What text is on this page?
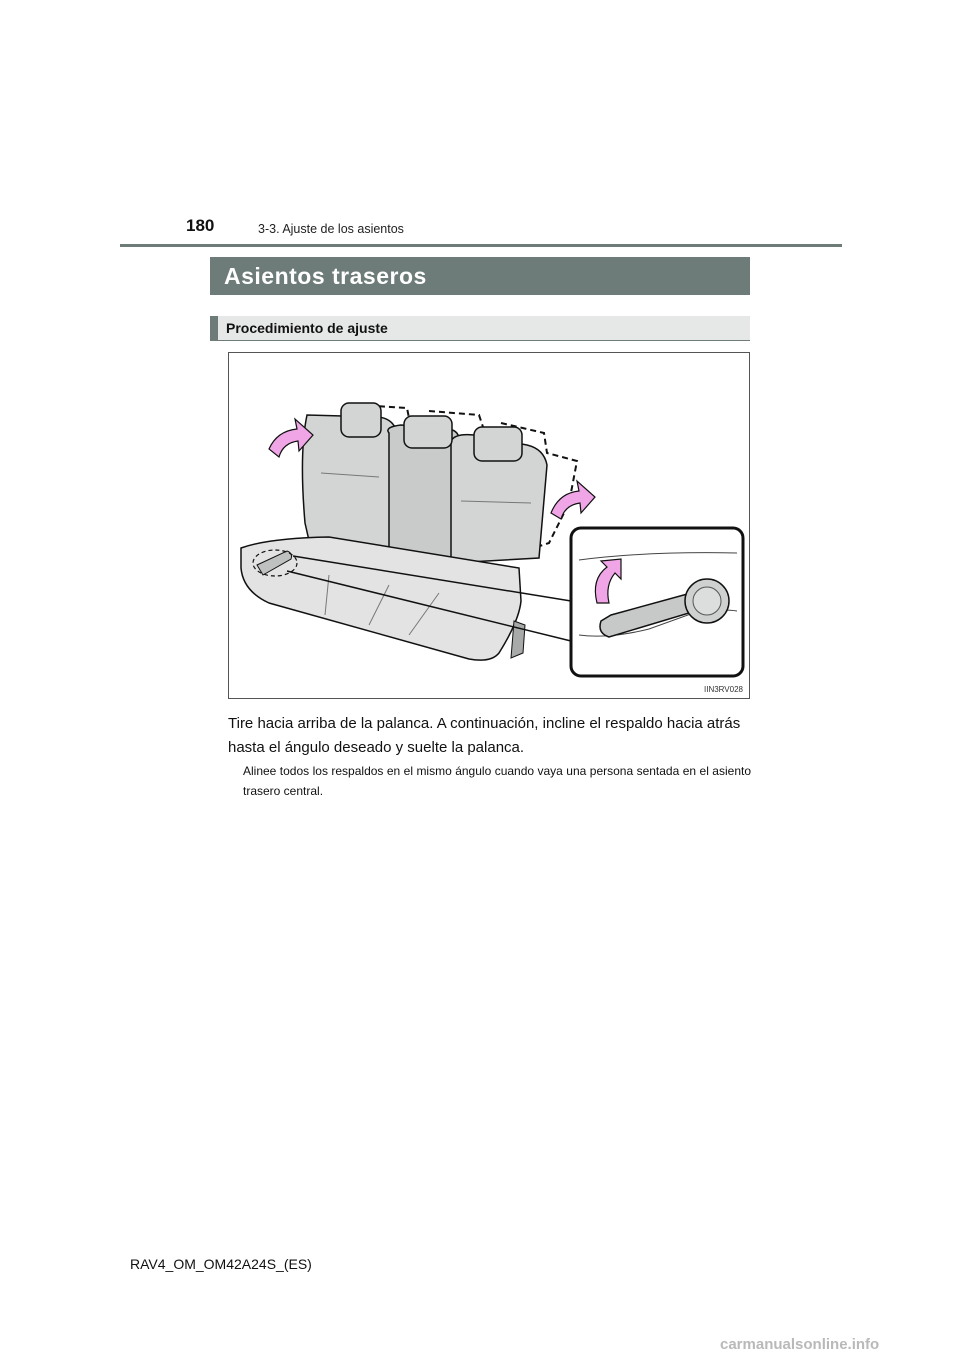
180	3-3. Ajuste de los asientos
Asientos traseros
Procedimiento de ajuste
IIN3RV028

Tire hacia arriba de la palanca. A continuación, incline el respaldo hacia atrás hasta el ángulo deseado y suelte la palanca.

Alinee todos los respaldos en el mismo ángulo cuando vaya una persona sentada en el asiento trasero central.

RAV4_OM_OM42A24S_(ES)
carmanualsonline.info
